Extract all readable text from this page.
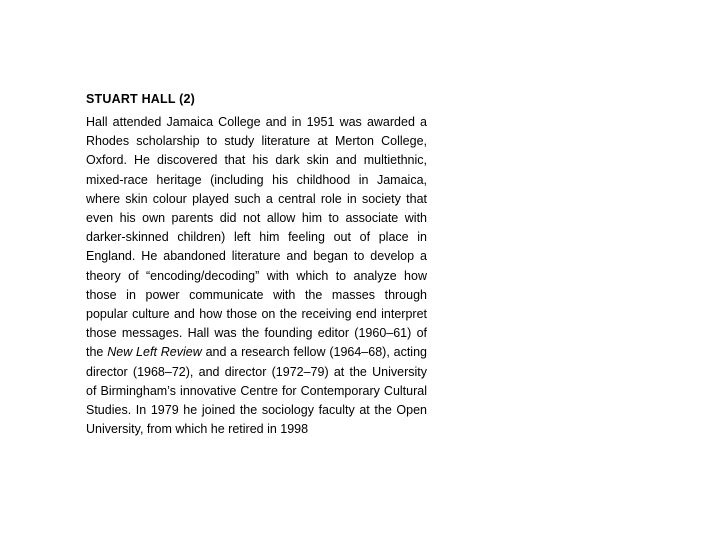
STUART HALL (2)

Hall attended Jamaica College and in 1951 was awarded a Rhodes scholarship to study literature at Merton College, Oxford. He discovered that his dark skin and multiethnic, mixed-race heritage (including his childhood in Jamaica, where skin colour played such a central role in society that even his own parents did not allow him to associate with darker-skinned children) left him feeling out of place in England. He abandoned literature and began to develop a theory of “encoding/decoding” with which to analyze how those in power communicate with the masses through popular culture and how those on the receiving end interpret those messages. Hall was the founding editor (1960–61) of the New Left Review and a research fellow (1964–68), acting director (1968–72), and director (1972–79) at the University of Birmingham’s innovative Centre for Contemporary Cultural Studies. In 1979 he joined the sociology faculty at the Open University, from which he retired in 1998
